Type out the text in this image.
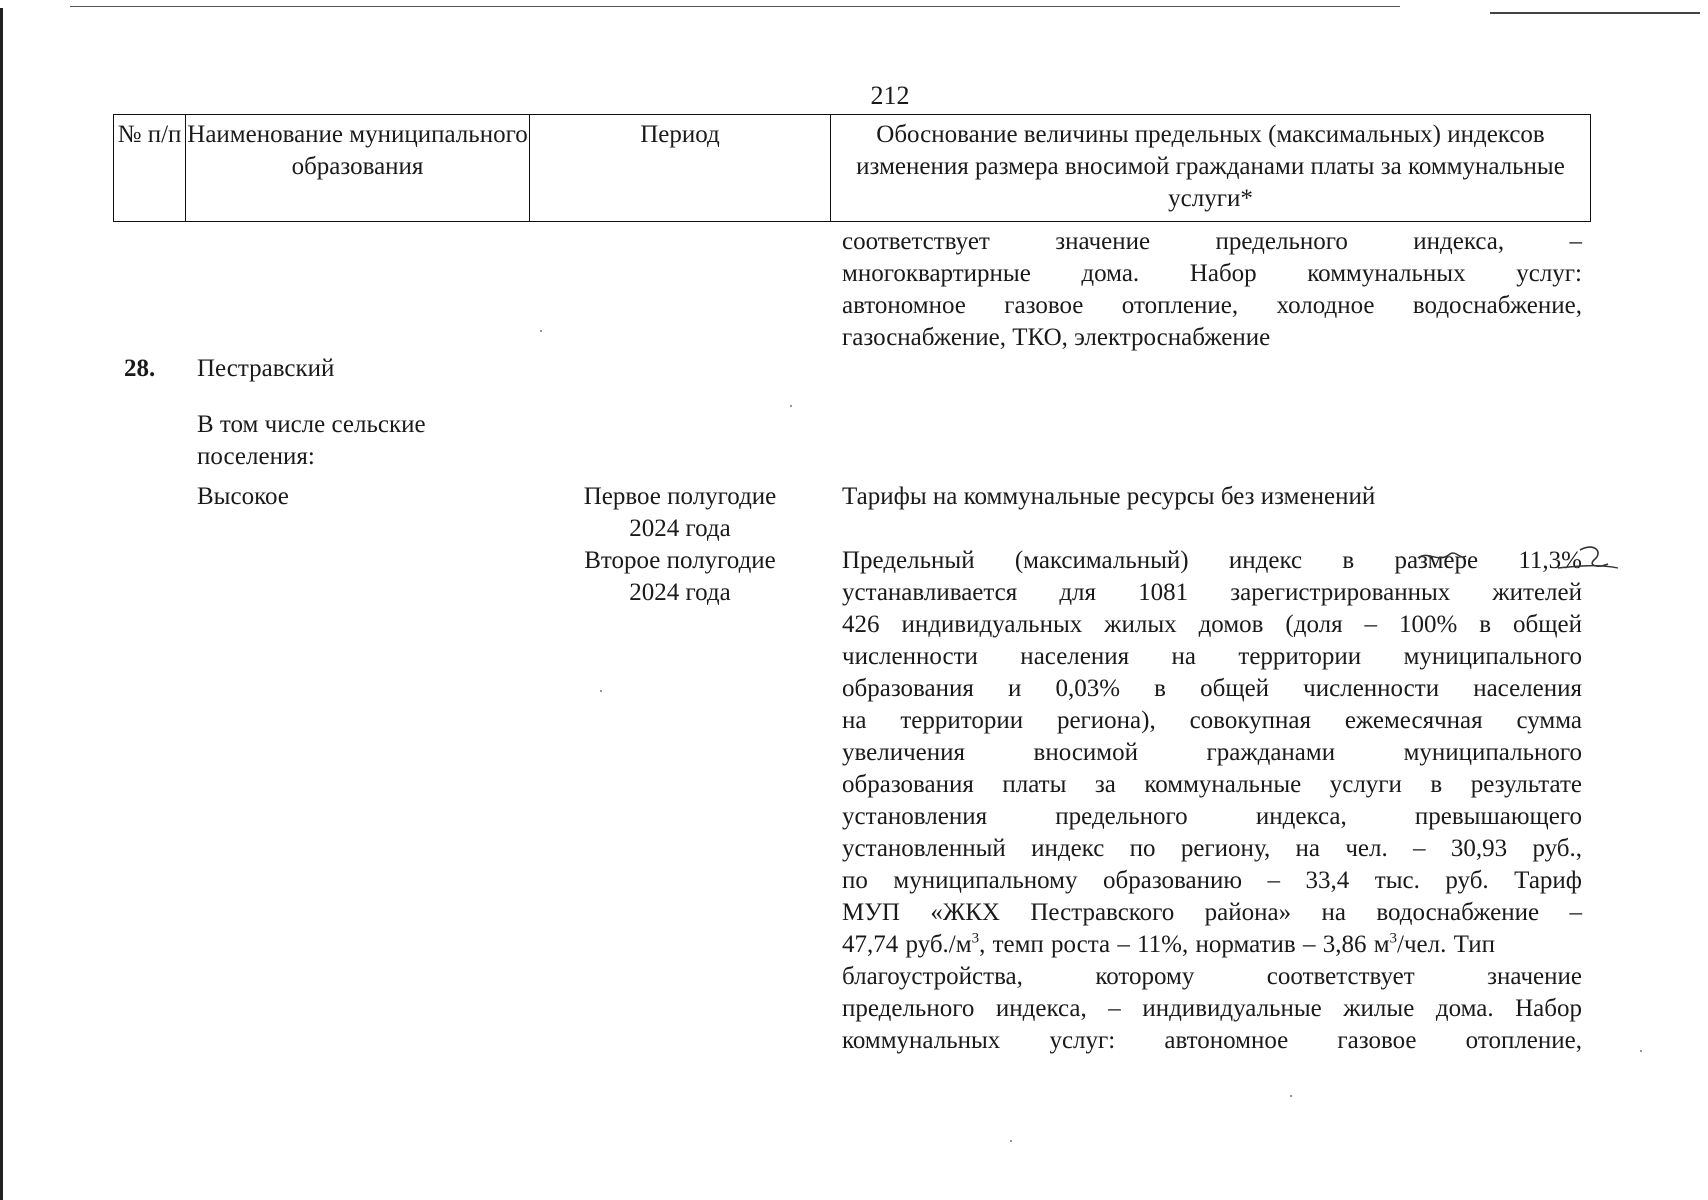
212
№ п/п Наименование муниципального образования
Период	Обоснование величины предельных (максимальных) индексов изменения размера вносимой гражданами платы за коммунальные услуги*
соответствует значение предельного индекса, –
многоквартирные дома. Набор коммунальных услуг:
автономное газовое отопление, холодное водоснабжение,
газоснабжение, ТКО, электроснабжение
28. Пестравский
В том числе сельские поселения:
Высокое	Первое полугодие
2024 года
Второе полугодие
2024 года
Тарифы на коммунальные ресурсы без изменений
Предельный (максимальный) индекс в размере 11,3%
устанавливается для 1081 зарегистрированных жителей
426 индивидуальных жилых домов (доля – 100% в общей
численности населения на территории муниципального
образования и 0,03% в общей численности населения
на территории региона), совокупная ежемесячная сумма
увеличения вносимой гражданами муниципального
образования платы за коммунальные услуги в результате
установления предельного индекса, превышающего
установленный индекс по региону, на чел. – 30,93 руб.,
по муниципальному образованию – 33,4 тыс. руб. Тариф
МУП «ЖКХ Пестравского района» на водоснабжение –
47,74 $руб./м^3$, темп роста – 11%, норматив – 3,86 $м^3$/чел. Тип
благоустройства, которому соответствует значение
предельного индекса, – индивидуальные жилые дома. Набор
коммунальных услуг: автономное газовое отопление,
